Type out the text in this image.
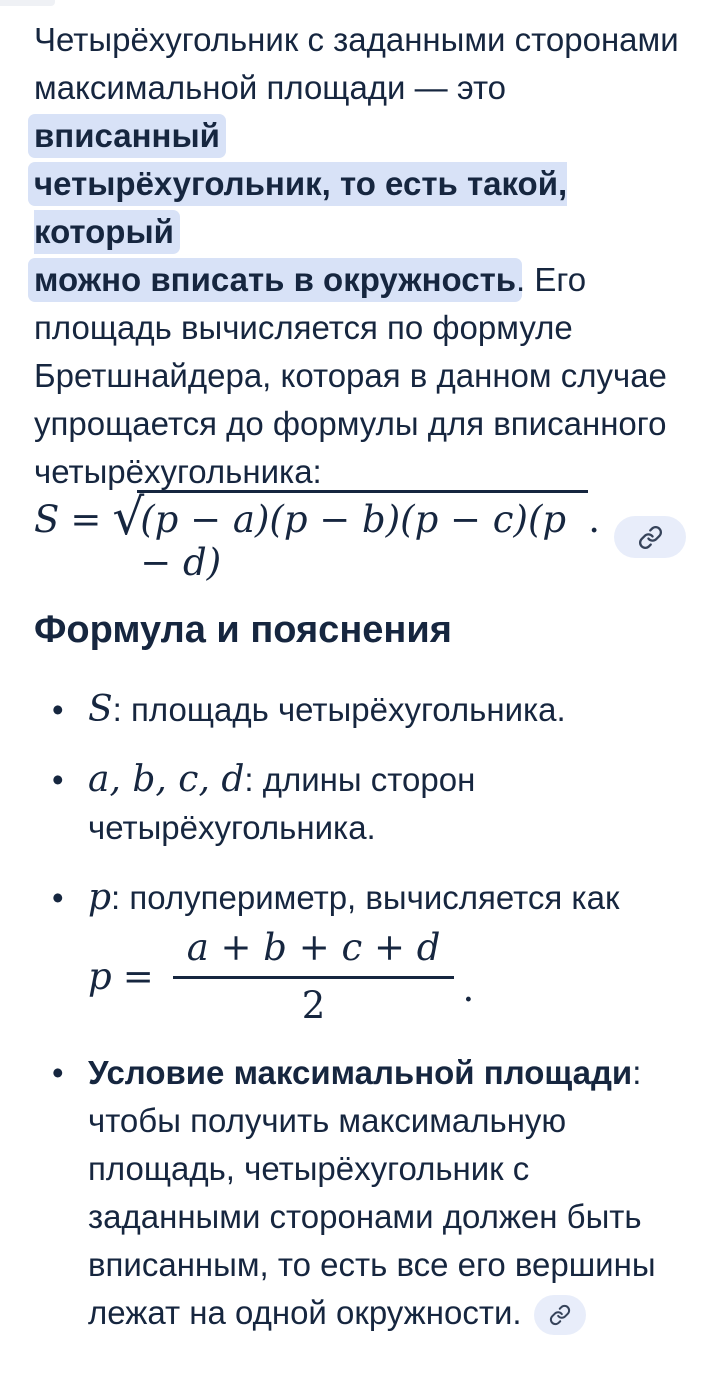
Четырёхугольник с заданными сторонами
максимальной площади — это вписанный
четырёхугольник, то есть такой, который
можно вписать в окружность. Его
площадь вычисляется по формуле
Бретшнайдера, которая в данном случае
упрощается до формулы для вписанного
четырёхугольника:
S = √
(p − a)(p − b)(p − c)(p − d)
.
Формула и пояснения
• S: площадь четырёхугольника.
• a, b, c, d: длины сторон
четырёхугольника.
• p: полупериметр, вычисляется как
$p = \frac{a + b + c + d}{2}$ .
• Условие максимальной площади:
чтобы получить максимальную
площадь, четырёхугольник с
заданными сторонами должен быть
вписанным, то есть все его вершины
лежат на одной окружности.
